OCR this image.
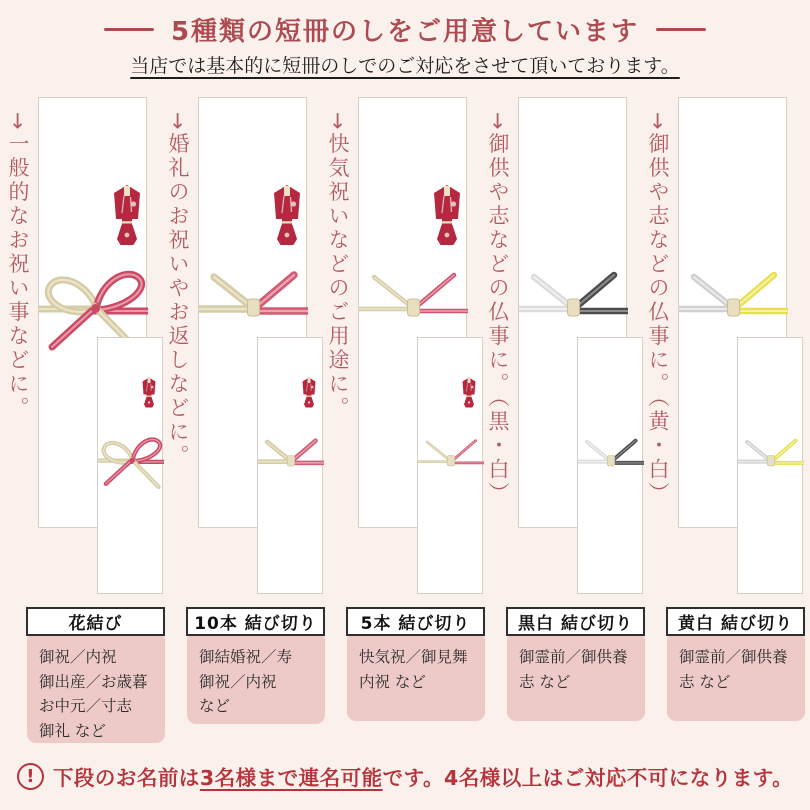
5種類の短冊のしをご用意しています
当店では基本的に短冊のしでのご対応をさせて頂いております。
→一般的なお祝い事などに。
花結び
御祝／内祝
御出産／お歳暮
お中元／寸志
御礼 など
→婚礼のお祝いやお返しなどに。
10本 結び切り
御結婚祝／寿
御祝／内祝
など
→快気祝いなどのご用途に。
5本 結び切り
快気祝／御見舞
内祝 など
→御供や志などの仏事に。（黒・白）
黒白 結び切り
御霊前／御供養
志 など
→御供や志などの仏事に。（黄・白）
黄白 結び切り
御霊前／御供養
志 など
! 下段のお名前は3名様まで連名可能です。4名様以上はご対応不可になります。
